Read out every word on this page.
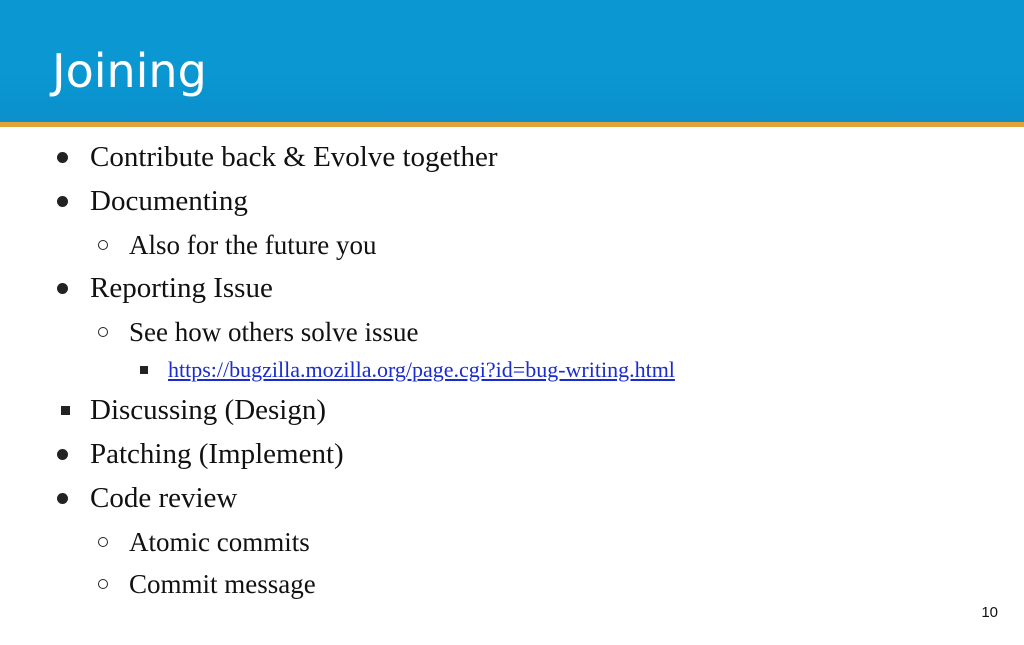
Joining
Contribute back & Evolve together
Documenting
Also for the future you
Reporting Issue
See how others solve issue
https://bugzilla.mozilla.org/page.cgi?id=bug-writing.html
Discussing (Design)
Patching (Implement)
Code review
Atomic commits
Commit message
10
